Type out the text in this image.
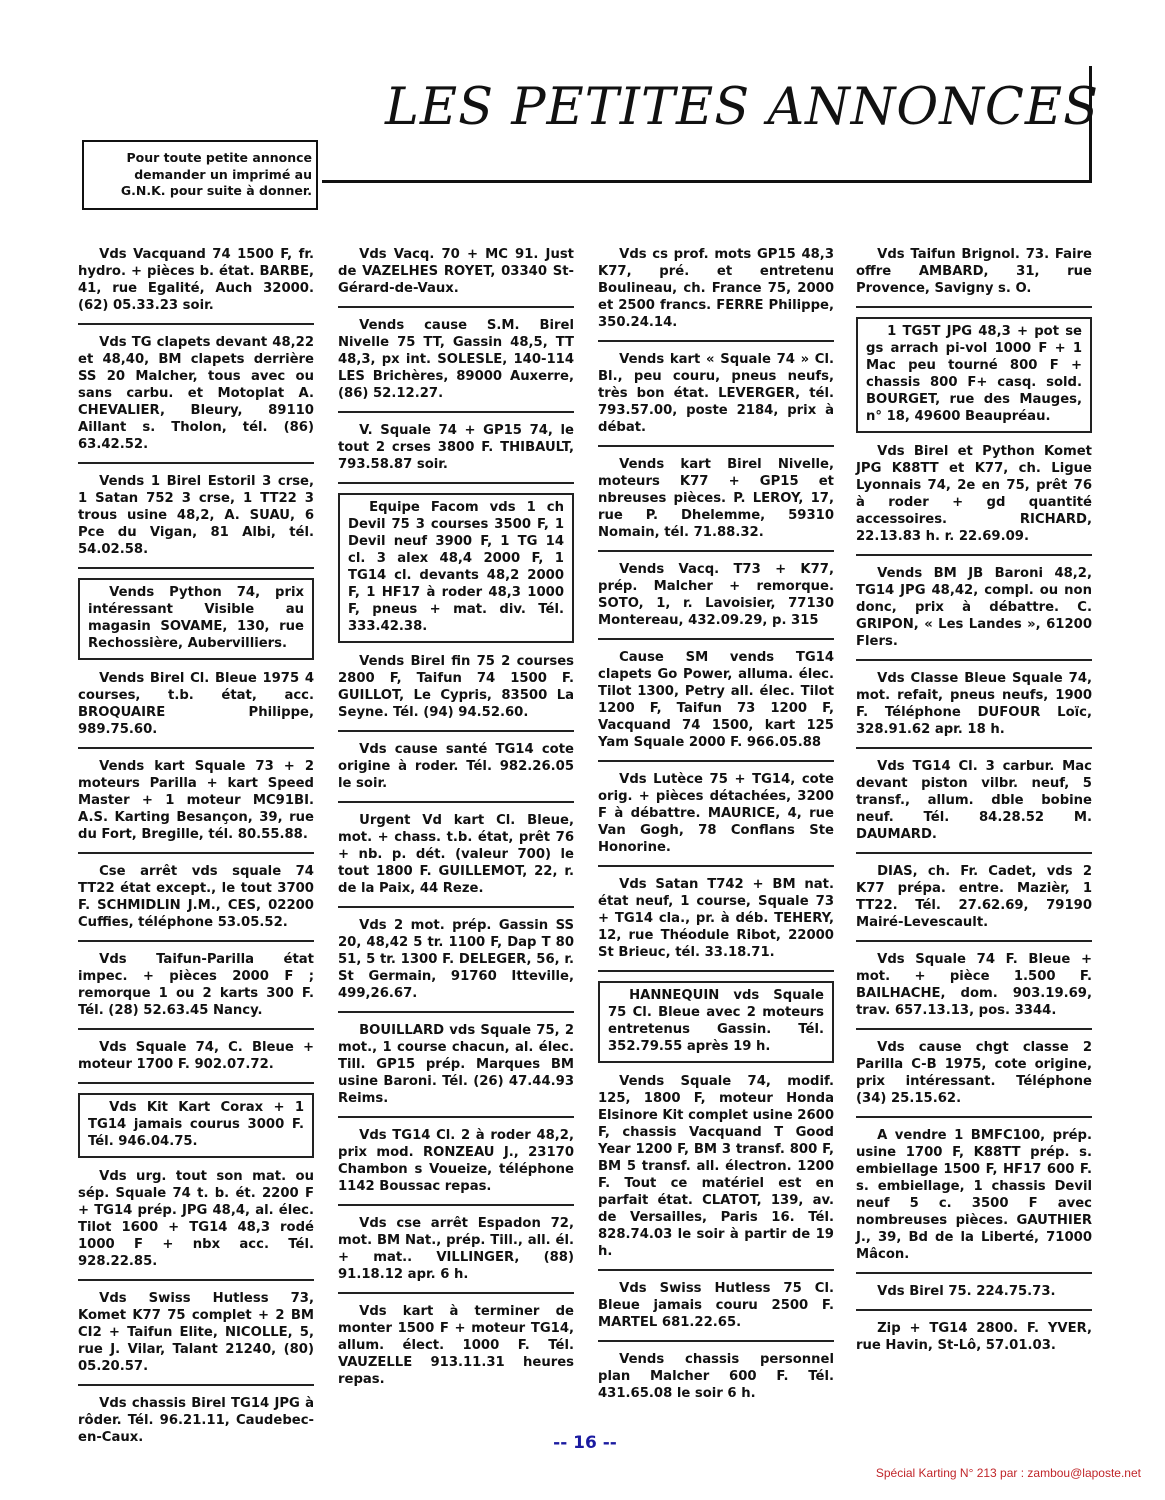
LES PETITES ANNONCES
Pour toute petite annonce demander un imprimé au G.N.K. pour suite à donner.

Vds Vacquand 74 1500 F, fr. hydro. + pièces b. état. BARBE, 41, rue Egalité, Auch 32000. (62) 05.33.23 soir.

Vds TG clapets devant 48,22 et 48,40, BM clapets derrière SS 20 Malcher, tous avec ou sans carbu. et Motoplat A. CHEVALIER, Bleury, 89110 Aillant s. Tholon, tél. (86) 63.42.52.

Vends 1 Birel Estoril 3 crse, 1 Satan 752 3 crse, 1 TT22 3 trous usine 48,2, A. SUAU, 6 Pce du Vigan, 81 Albi, tél. 54.02.58.

Vends Python 74, prix intéressant Visible au magasin SOVAME, 130, rue Rechossière, Aubervilliers.

Vends Birel Cl. Bleue 1975 4 courses, t.b. état, acc. BROQUAIRE Philippe, 989.75.60.

Vends kart Squale 73 + 2 moteurs Parilla + kart Speed Master + 1 moteur MC91BI. A.S. Karting Besançon, 39, rue du Fort, Bregille, tél. 80.55.88.

Cse arrêt vds squale 74 TT22 état except., le tout 3700 F. SCHMIDLIN J.M., CES, 02200 Cuffies, téléphone 53.05.52.

Vds Taifun-Parilla état impec. + pièces 2000 F ; remorque 1 ou 2 karts 300 F. Tél. (28) 52.63.45 Nancy.

Vds Squale 74, C. Bleue + moteur 1700 F. 902.07.72.

Vds Kit Kart Corax + 1 TG14 jamais courus 3000 F. Tél. 946.04.75.

Vds urg. tout son mat. ou sép. Squale 74 t. b. ét. 2200 F + TG14 prép. JPG 48,4, al. élec. Tilot 1600 + TG14 48,3 rodé 1000 F + nbx acc. Tél. 928.22.85.

Vds Swiss Hutless 73, Komet K77 75 complet + 2 BM CI2 + Taifun Elite, NICOLLE, 5, rue J. Vilar, Talant 21240, (80) 05.20.57.

Vds chassis Birel TG14 JPG à rôder. Tél. 96.21.11, Caudebec-en-Caux.

Vds Vacq. 70 + MC 91. Just de VAZELHES ROYET, 03340 St-Gérard-de-Vaux.

Vends cause S.M. Birel Nivelle 75 TT, Gassin 48,5, TT 48,3, px int. SOLESLE, 140-114 LES Brichères, 89000 Auxerre, (86) 52.12.27.

V. Squale 74 + GP15 74, le tout 2 crses 3800 F. THIBAULT, 793.58.87 soir.

Equipe Facom vds 1 ch Devil 75 3 courses 3500 F, 1 Devil neuf 3900 F, 1 TG 14 cl. 3 alex 48,4 2000 F, 1 TG14 cl. devants 48,2 2000 F, 1 HF17 à roder 48,3 1000 F, pneus + mat. div. Tél. 333.42.38.

Vends Birel fin 75 2 courses 2800 F, Taifun 74 1500 F. GUILLOT, Le Cypris, 83500 La Seyne. Tél. (94) 94.52.60.

Vds cause santé TG14 cote origine à roder. Tél. 982.26.05 le soir.

Urgent Vd kart Cl. Bleue, mot. + chass. t.b. état, prêt 76 + nb. p. dét. (valeur 700) le tout 1800 F. GUILLEMOT, 22, r. de la Paix, 44 Reze.

Vds 2 mot. prép. Gassin SS 20, 48,42 5 tr. 1100 F, Dap T 80 51, 5 tr. 1300 F. DELEGER, 56, r. St Germain, 91760 Itteville, 499,26.67.

BOUILLARD vds Squale 75, 2 mot., 1 course chacun, al. élec. Till. GP15 prép. Marques BM usine Baroni. Tél. (26) 47.44.93 Reims.

Vds TG14 Cl. 2 à roder 48,2, prix mod. RONZEAU J., 23170 Chambon s Voueize, téléphone 1142 Boussac repas.

Vds cse arrêt Espadon 72, mot. BM Nat., prép. Till., all. él. + mat.. VILLINGER, (88) 91.18.12 apr. 6 h.

Vds kart à terminer de monter 1500 F + moteur TG14, allum. élect. 1000 F. Tél. VAUZELLE 913.11.31 heures repas.

Vds cs prof. mots GP15 48,3 K77, pré. et entretenu Boulineau, ch. France 75, 2000 et 2500 francs. FERRE Philippe, 350.24.14.

Vends kart « Squale 74 » Cl. Bl., peu couru, pneus neufs, très bon état. LEVERGER, tél. 793.57.00, poste 2184, prix à débat.

Vends kart Birel Nivelle, moteurs K77 + GP15 et nbreuses pièces. P. LEROY, 17, rue P. Dhelemme, 59310 Nomain, tél. 71.88.32.

Vends Vacq. T73 + K77, prép. Malcher + remorque. SOTO, 1, r. Lavoisier, 77130 Montereau, 432.09.29, p. 315

Cause SM vends TG14 clapets Go Power, alluma. élec. Tilot 1300, Petry all. élec. Tilot 1200 F, Taifun 73 1200 F, Vacquand 74 1500, kart 125 Yam Squale 2000 F. 966.05.88

Vds Lutèce 75 + TG14, cote orig. + pièces détachées, 3200 F à débattre. MAURICE, 4, rue Van Gogh, 78 Conflans Ste Honorine.

Vds Satan T742 + BM nat. état neuf, 1 course, Squale 73 + TG14 cla., pr. à déb. TEHERY, 12, rue Théodule Ribot, 22000 St Brieuc, tél. 33.18.71.

HANNEQUIN vds Squale 75 Cl. Bleue avec 2 moteurs entretenus Gassin. Tél. 352.79.55 après 19 h.

Vends Squale 74, modif. 125, 1800 F, moteur Honda Elsinore Kit complet usine 2600 F, chassis Vacquand T Good Year 1200 F, BM 3 transf. 800 F, BM 5 transf. all. électron. 1200 F. Tout ce matériel est en parfait état. CLATOT, 139, av. de Versailles, Paris 16. Tél. 828.74.03 le soir à partir de 19 h.

Vds Swiss Hutless 75 Cl. Bleue jamais couru 2500 F. MARTEL 681.22.65.

Vends chassis personnel plan Malcher 600 F. Tél. 431.65.08 le soir 6 h.

Vds Taifun Brignol. 73. Faire offre AMBARD, 31, rue Provence, Savigny s. O.

1 TG5T JPG 48,3 + pot se gs arrach pi-vol 1000 F + 1 Mac peu tourné 800 F + chassis 800 F+ casq. sold. BOURGET, rue des Mauges, n° 18, 49600 Beaupréau.

Vds Birel et Python Komet JPG K88TT et K77, ch. Ligue Lyonnais 74, 2e en 75, prêt 76 à roder + gd quantité accessoires. RICHARD, 22.13.83 h. r. 22.69.09.

Vends BM JB Baroni 48,2, TG14 JPG 48,42, compl. ou non donc, prix à débattre. C. GRIPON, « Les Landes », 61200 Flers.

Vds Classe Bleue Squale 74, mot. refait, pneus neufs, 1900 F. Téléphone DUFOUR Loïc, 328.91.62 apr. 18 h.

Vds TG14 Cl. 3 carbur. Mac devant piston vilbr. neuf, 5 transf., allum. dble bobine neuf. Tél. 84.28.52 M. DAUMARD.

DIAS, ch. Fr. Cadet, vds 2 K77 prépa. entre. Mazièr, 1 TT22. Tél. 27.62.69, 79190 Mairé-Levescault.

Vds Squale 74 F. Bleue + mot. + pièce 1.500 F. BAILHACHE, dom. 903.19.69, trav. 657.13.13, pos. 3344.

Vds cause chgt classe 2 Parilla C-B 1975, cote origine, prix intéressant. Téléphone (34) 25.15.62.

A vendre 1 BMFC100, prép. usine 1700 F, K88TT prép. s. embiellage 1500 F, HF17 600 F. s. embiellage, 1 chassis Devil neuf 5 c. 3500 F avec nombreuses pièces. GAUTHIER J., 39, Bd de la Liberté, 71000 Mâcon.

Vds Birel 75. 224.75.73.

Zip + TG14 2800. F. YVER, rue Havin, St-Lô, 57.01.03.

-- 16 --
Spécial Karting N° 213 par : zambou@laposte.net
